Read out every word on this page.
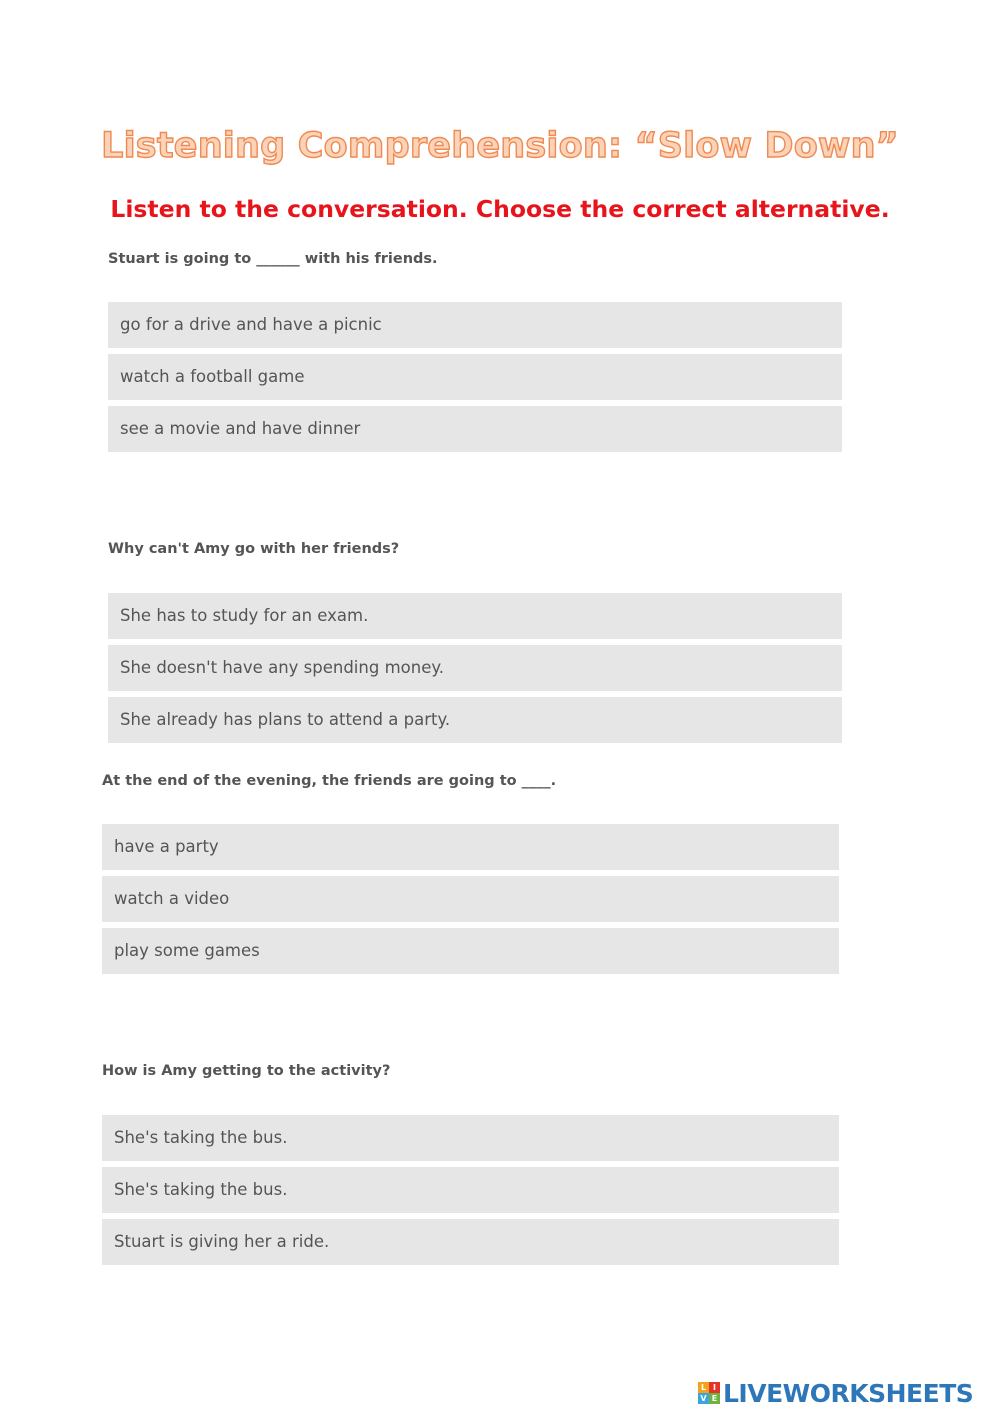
Listening Comprehension: “Slow Down”
Listen to the conversation. Choose the correct alternative.
Stuart is going to ______ with his friends.
go for a drive and have a picnic
watch a football game
see a movie and have dinner
Why can't Amy go with her friends?
She has to study for an exam.
She doesn't have any spending money.
She already has plans to attend a party.
At the end of the evening, the friends are going to ____.
have a party
watch a video
play some games
How is Amy getting to the activity?
She's taking the bus.
She's taking the bus.
Stuart is giving her a ride.
L I
V E LIVEWORKSHEETS
